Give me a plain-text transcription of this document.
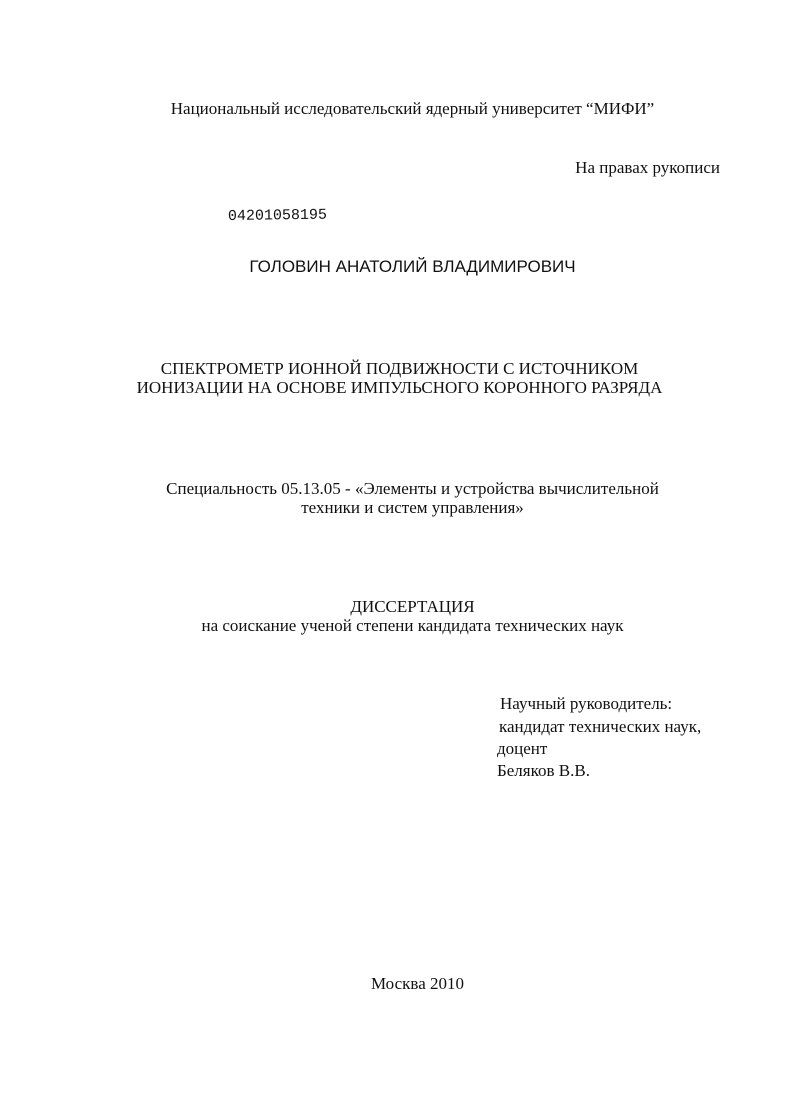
Национальный исследовательский ядерный университет “МИФИ”
На правах рукописи
04201058195
ГОЛОВИН АНАТОЛИЙ ВЛАДИМИРОВИЧ
СПЕКТРОМЕТР ИОННОЙ ПОДВИЖНОСТИ С ИСТОЧНИКОМ
ИОНИЗАЦИИ НА ОСНОВЕ ИМПУЛЬСНОГО КОРОННОГО РАЗРЯДА
Специальность 05.13.05 - «Элементы и устройства вычислительной
техники и систем управления»
ДИССЕРТАЦИЯ
на соискание ученой степени кандидата технических наук
Научный руководитель:
кандидат технических наук,
доцент
Беляков В.В.
Москва 2010
